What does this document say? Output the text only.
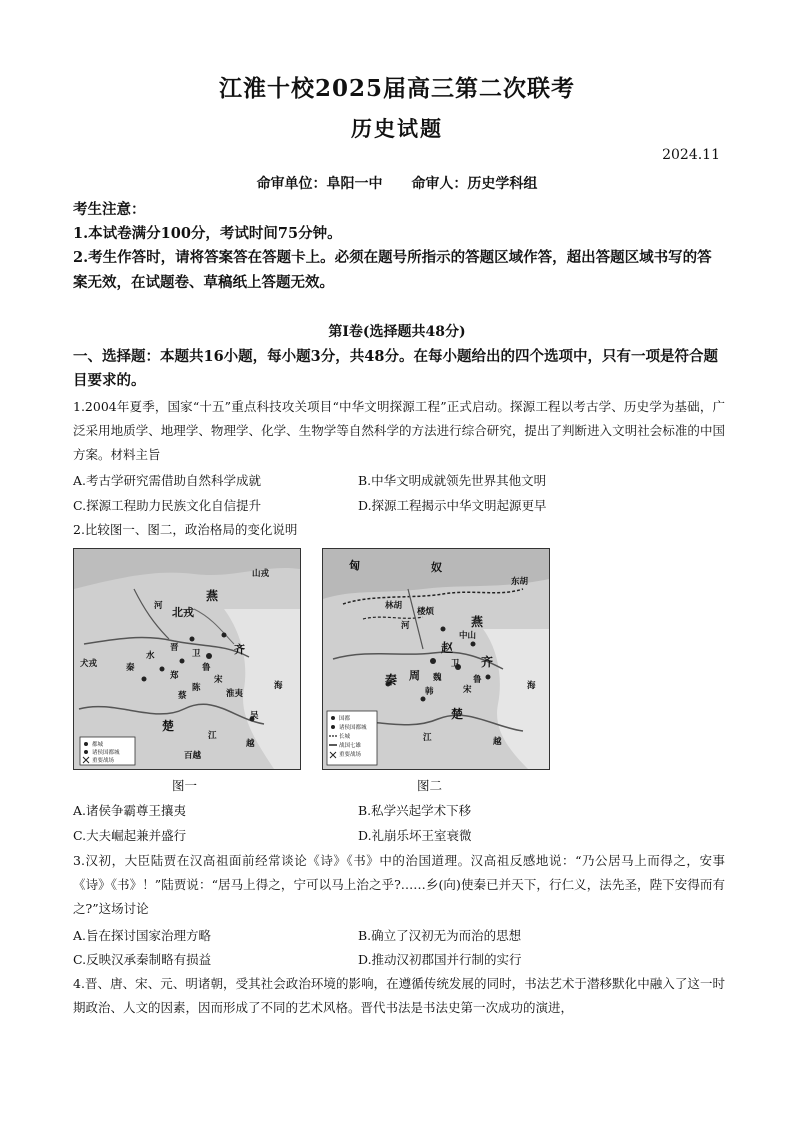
江淮十校2025届高三第二次联考
历史试题
2024.11
命审单位：阜阳一中 命审人：历史学科组
考生注意：
1.本试卷满分100分，考试时间75分钟。
2.考生作答时，请将答案答在答题卡上。必须在题号所指示的答题区域作答，超出答题区域书写的答案无效，在试题卷、草稿纸上答题无效。
第Ⅰ卷(选择题共48分)
一、选择题：本题共16小题，每小题3分，共48分。在每小题给出的四个选项中，只有一项是符合题目要求的。
1.2004年夏季，国家“十五”重点科技攻关项目“中华文明探源工程”正式启动。探源工程以考古学、历史学为基础，广泛采用地质学、地理学、物理学、化学、生物学等自然科学的方法进行综合研究，提出了判断进入文明社会标准的中国方案。材料主旨
A.考古学研究需借助自然科学成就	B.中华文明成就领先世界其他文明
C.探源工程助力民族文化自信提升	D.探源工程揭示中华文明起源更早
2.比较图一、图二，政治格局的变化说明
山戎
燕
北戎
晋
卫
鲁
齐
秦
郑	宋
陈
蔡
楚
吴
越
百越
犬戎
淮夷
河
水
江
海
都城
诸侯国都城
重要战场
匈	奴
林胡
楼烦
东胡
燕
赵
中山
魏
韩
齐
鲁
宋
周
秦
楚
越
卫
河
江
海
国都
诸侯国都城
长城
战国七雄
重要战场
图一	图二
A.诸侯争霸尊王攘夷	B.私学兴起学术下移
C.大夫崛起兼并盛行	D.礼崩乐坏王室衰微
3.汉初，大臣陆贾在汉高祖面前经常谈论《诗》《书》中的治国道理。汉高祖反感地说：“乃公居马上而得之，安事《诗》《书》！”陆贾说：“居马上得之，宁可以马上治之乎?……乡(向)使秦已并天下，行仁义，法先圣，陛下安得而有之?”这场讨论
A.旨在探讨国家治理方略	B.确立了汉初无为而治的思想
C.反映汉承秦制略有损益	D.推动汉初郡国并行制的实行
4.晋、唐、宋、元、明诸朝，受其社会政治环境的影响，在遵循传统发展的同时，书法艺术于潜移默化中融入了这一时期政治、人文的因素，因而形成了不同的艺术风格。晋代书法是书法史第一次成功的演进，
